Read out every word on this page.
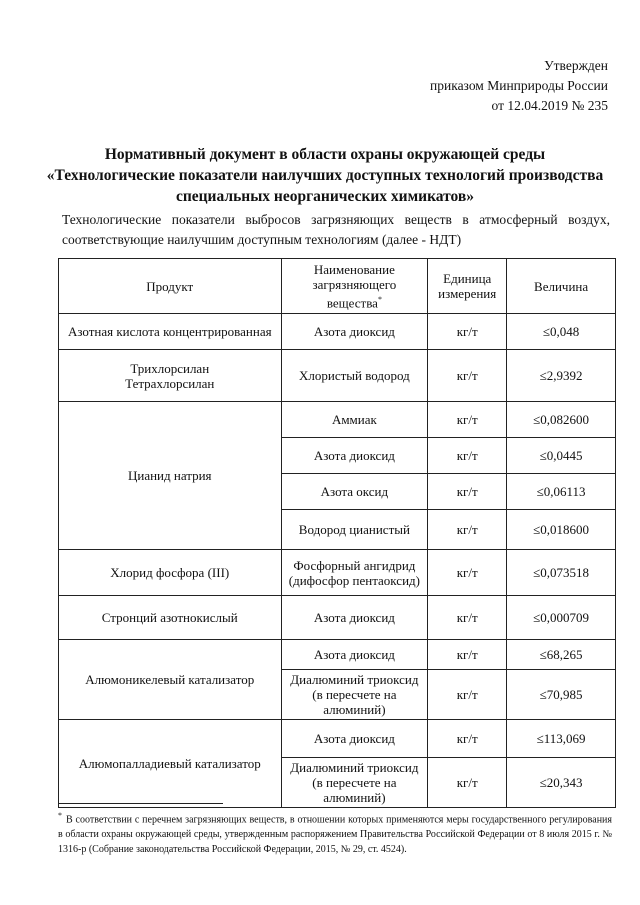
Утвержден
приказом Минприроды России
от 12.04.2019 № 235
Нормативный документ в области охраны окружающей среды
«Технологические показатели наилучших доступных технологий производства
специальных неорганических химикатов»
Технологические показатели выбросов загрязняющих веществ в атмосферный воздух, соответствующие наилучшим доступным технологиям (далее - НДТ)
Продукт	Наименование загрязняющего вещества*	Единица измерения	Величина
Азотная кислота концентрированная	Азота диоксид	кг/т	≤0,048
Трихлорсилан
Тетрахлорсилан	Хлористый водород	кг/т	≤2,9392
Цианид натрия	Аммиак	кг/т	≤0,082600
	Азота диоксид	кг/т	≤0,0445
	Азота оксид	кг/т	≤0,06113
	Водород цианистый	кг/т	≤0,018600
Хлорид фосфора (III)	Фосфорный ангидрид (дифосфор пентаоксид)	кг/т	≤0,073518
Стронций азотнокислый	Азота диоксид	кг/т	≤0,000709
Алюмоникелевый катализатор	Азота диоксид	кг/т	≤68,265
	Диалюминий триоксид (в пересчете на алюминий)	кг/т	≤70,985
Алюмопалладиевый катализатор	Азота диоксид	кг/т	≤113,069
	Диалюминий триоксид (в пересчете на алюминий)	кг/т	≤20,343
* В соответствии с перечнем загрязняющих веществ, в отношении которых применяются меры государственного регулирования в области охраны окружающей среды, утвержденным распоряжением Правительства Российской Федерации от 8 июля 2015 г. № 1316-р (Собрание законодательства Российской Федерации, 2015, № 29, ст. 4524).
